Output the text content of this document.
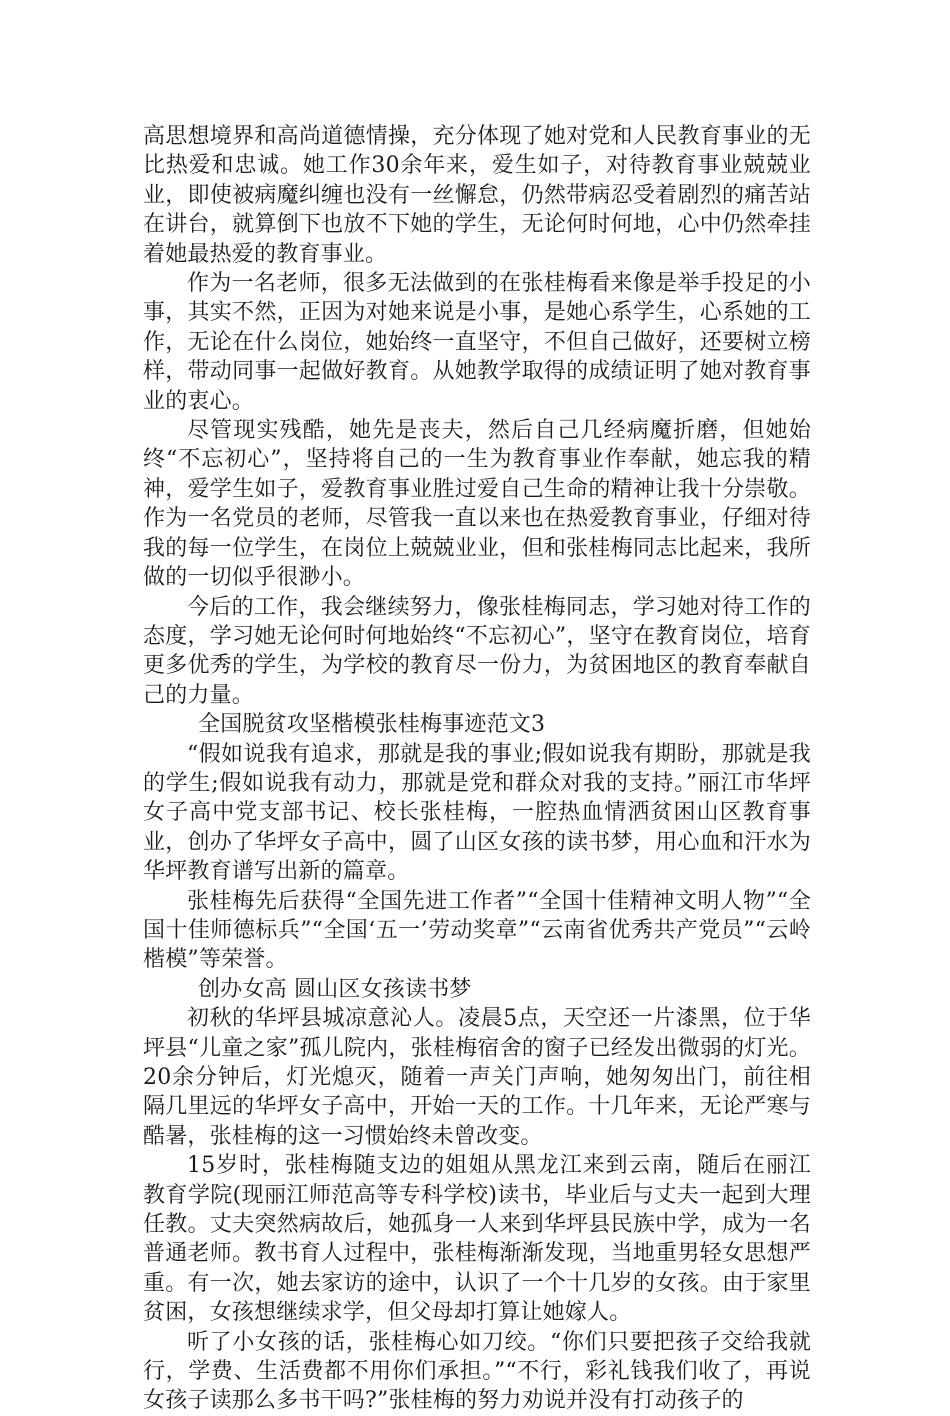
高思想境界和高尚道德情操，充分体现了她对党和人民教育事业的无比热爱和忠诚。她工作30余年来，爱生如子，对待教育事业兢兢业业，即使被病魔纠缠也没有一丝懈怠，仍然带病忍受着剧烈的痛苦站在讲台，就算倒下也放不下她的学生，无论何时何地，心中仍然牵挂着她最热爱的教育事业。

作为一名老师，很多无法做到的在张桂梅看来像是举手投足的小事，其实不然，正因为对她来说是小事，是她心系学生，心系她的工作，无论在什么岗位，她始终一直坚守，不但自己做好，还要树立榜样，带动同事一起做好教育。从她教学取得的成绩证明了她对教育事业的衷心。

尽管现实残酷，她先是丧夫，然后自己几经病魔折磨，但她始终“不忘初心”，坚持将自己的一生为教育事业作奉献，她忘我的精神，爱学生如子，爱教育事业胜过爱自己生命的精神让我十分崇敬。作为一名党员的老师，尽管我一直以来也在热爱教育事业，仔细对待我的每一位学生，在岗位上兢兢业业，但和张桂梅同志比起来，我所做的一切似乎很渺小。

今后的工作，我会继续努力，像张桂梅同志，学习她对待工作的态度，学习她无论何时何地始终“不忘初心”，坚守在教育岗位，培育更多优秀的学生，为学校的教育尽一份力，为贫困地区的教育奉献自己的力量。

全国脱贫攻坚楷模张桂梅事迹范文3

“假如说我有追求，那就是我的事业;假如说我有期盼，那就是我的学生;假如说我有动力，那就是党和群众对我的支持。”丽江市华坪女子高中党支部书记、校长张桂梅，一腔热血情洒贫困山区教育事业，创办了华坪女子高中，圆了山区女孩的读书梦，用心血和汗水为华坪教育谱写出新的篇章。

张桂梅先后获得“全国先进工作者”“全国十佳精神文明人物”“全国十佳师德标兵”“全国‘五一’劳动奖章”“云南省优秀共产党员”“云岭楷模”等荣誉。

创办女高 圆山区女孩读书梦

初秋的华坪县城凉意沁人。凌晨5点，天空还一片漆黑，位于华坪县“儿童之家”孤儿院内，张桂梅宿舍的窗子已经发出微弱的灯光。20余分钟后，灯光熄灭，随着一声关门声响，她匆匆出门，前往相隔几里远的华坪女子高中，开始一天的工作。十几年来，无论严寒与酷暑，张桂梅的这一习惯始终未曾改变。

15岁时，张桂梅随支边的姐姐从黑龙江来到云南，随后在丽江教育学院(现丽江师范高等专科学校)读书，毕业后与丈夫一起到大理任教。丈夫突然病故后，她孤身一人来到华坪县民族中学，成为一名普通老师。教书育人过程中，张桂梅渐渐发现，当地重男轻女思想严重。有一次，她去家访的途中，认识了一个十几岁的女孩。由于家里贫困，女孩想继续求学，但父母却打算让她嫁人。

听了小女孩的话，张桂梅心如刀绞。“你们只要把孩子交给我就行，学费、生活费都不用你们承担。”“不行，彩礼钱我们收了，再说女孩子读那么多书干吗?”张桂梅的努力劝说并没有打动孩子的
